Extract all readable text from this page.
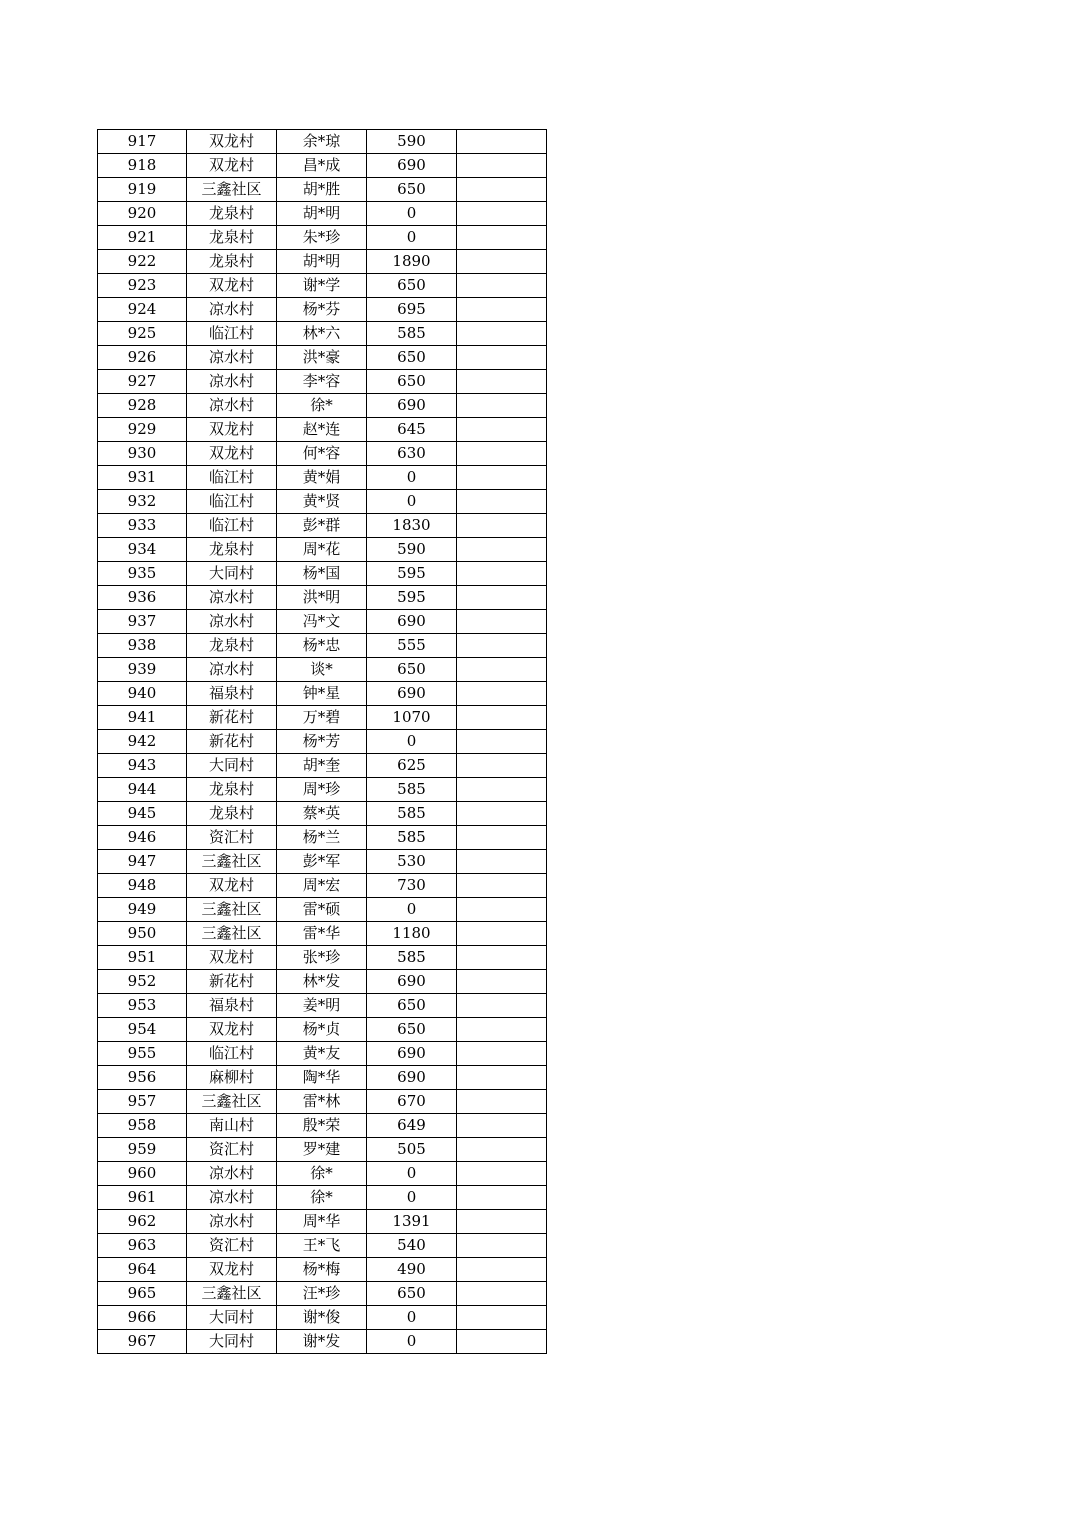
917	双龙村	余*琼	590	
918	双龙村	昌*成	690	
919	三鑫社区	胡*胜	650	
920	龙泉村	胡*明	0	
921	龙泉村	朱*珍	0	
922	龙泉村	胡*明	1890	
923	双龙村	谢*学	650	
924	凉水村	杨*芬	695	
925	临江村	林*六	585	
926	凉水村	洪*豪	650	
927	凉水村	李*容	650	
928	凉水村	徐*	690	
929	双龙村	赵*连	645	
930	双龙村	何*容	630	
931	临江村	黄*娟	0	
932	临江村	黄*贤	0	
933	临江村	彭*群	1830	
934	龙泉村	周*花	590	
935	大同村	杨*国	595	
936	凉水村	洪*明	595	
937	凉水村	冯*文	690	
938	龙泉村	杨*忠	555	
939	凉水村	谈*	650	
940	福泉村	钟*星	690	
941	新花村	万*碧	1070	
942	新花村	杨*芳	0	
943	大同村	胡*奎	625	
944	龙泉村	周*珍	585	
945	龙泉村	蔡*英	585	
946	资汇村	杨*兰	585	
947	三鑫社区	彭*军	530	
948	双龙村	周*宏	730	
949	三鑫社区	雷*硕	0	
950	三鑫社区	雷*华	1180	
951	双龙村	张*珍	585	
952	新花村	林*发	690	
953	福泉村	姜*明	650	
954	双龙村	杨*贞	650	
955	临江村	黄*友	690	
956	麻柳村	陶*华	690	
957	三鑫社区	雷*林	670	
958	南山村	殷*荣	649	
959	资汇村	罗*建	505	
960	凉水村	徐*	0	
961	凉水村	徐*	0	
962	凉水村	周*华	1391	
963	资汇村	王*飞	540	
964	双龙村	杨*梅	490	
965	三鑫社区	汪*珍	650	
966	大同村	谢*俊	0	
967	大同村	谢*发	0	
